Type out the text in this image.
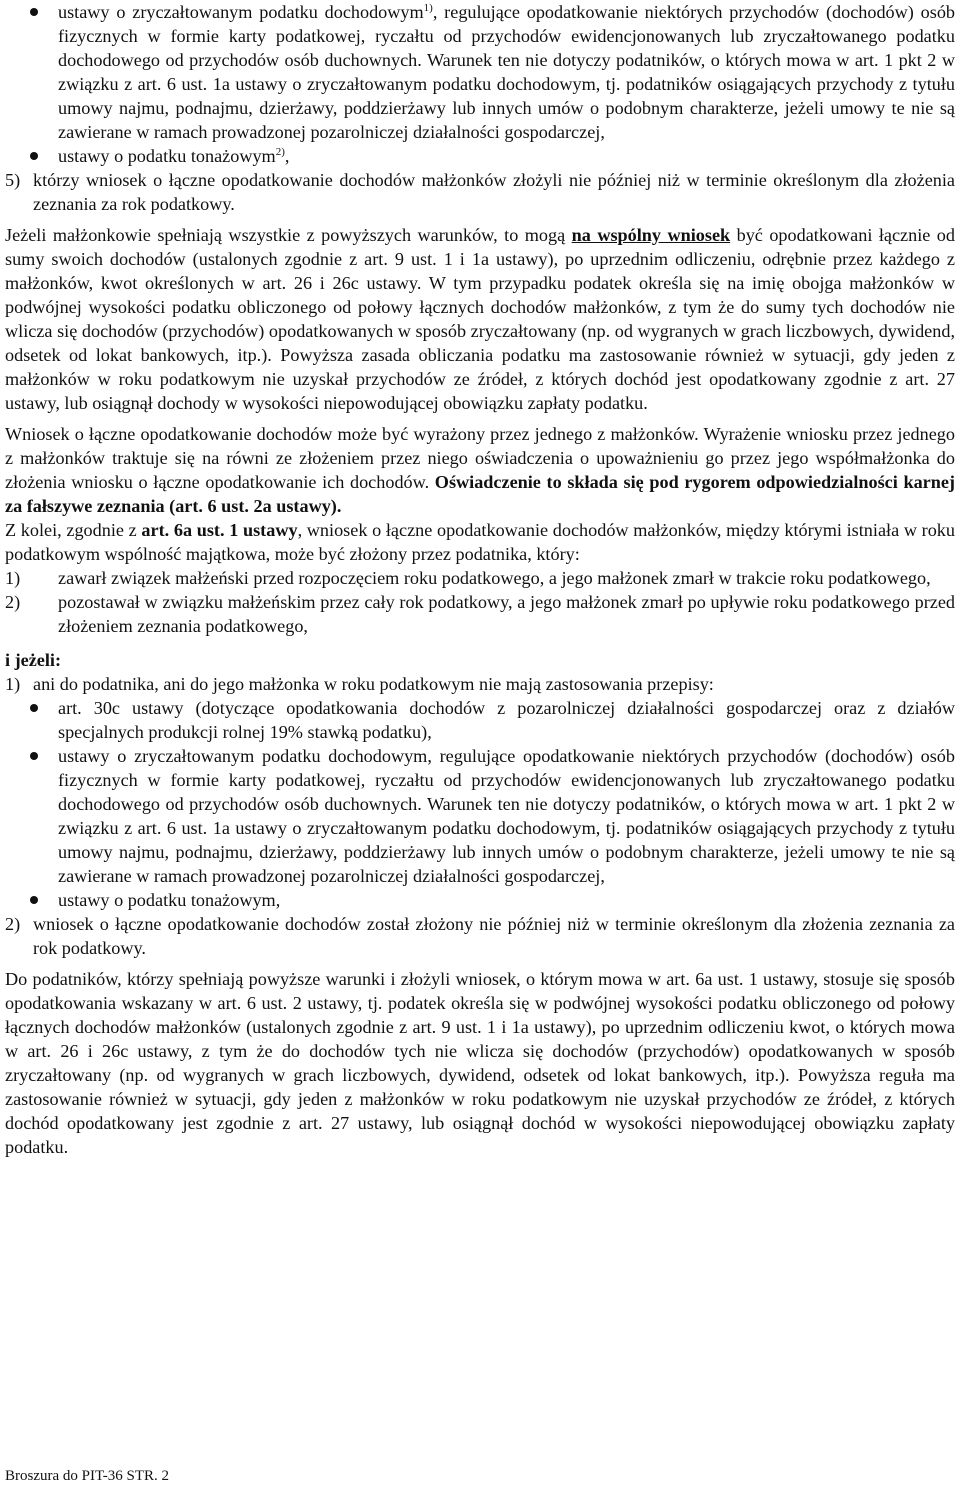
ustawy o zryczałtowanym podatku dochodowym$^{1)}$, regulujące opodatkowanie niektórych przychodów (dochodów) osób fizycznych w formie karty podatkowej, ryczałtu od przychodów ewidencjonowanych lub zryczałtowanego podatku dochodowego od przychodów osób duchownych. Warunek ten nie dotyczy podatników, o których mowa w art. 1 pkt 2 w związku z art. 6 ust. 1a ustawy o zryczałtowanym podatku dochodowym, tj. podatników osiągających przychody z tytułu umowy najmu, podnajmu, dzierżawy, poddzierżawy lub innych umów o podobnym charakterze, jeżeli umowy te nie są zawierane w ramach prowadzonej pozarolniczej działalności gospodarczej,
ustawy o podatku tonażowym$^{2)}$,
5) którzy wniosek o łączne opodatkowanie dochodów małżonków złożyli nie później niż w terminie określonym dla złożenia zeznania za rok podatkowy.

Jeżeli małżonkowie spełniają wszystkie z powyższych warunków, to mogą na wspólny wniosek być opodatkowani łącznie od sumy swoich dochodów (ustalonych zgodnie z art. 9 ust. 1 i 1a ustawy), po uprzednim odliczeniu, odrębnie przez każdego z małżonków, kwot określonych w art. 26 i 26c ustawy. W tym przypadku podatek określa się na imię obojga małżonków w podwójnej wysokości podatku obliczonego od połowy łącznych dochodów małżonków, z tym że do sumy tych dochodów nie wlicza się dochodów (przychodów) opodatkowanych w sposób zryczałtowany (np. od wygranych w grach liczbowych, dywidend, odsetek od lokat bankowych, itp.). Powyższa zasada obliczania podatku ma zastosowanie również w sytuacji, gdy jeden z małżonków w roku podatkowym nie uzyskał przychodów ze źródeł, z których dochód jest opodatkowany zgodnie z art. 27 ustawy, lub osiągnął dochody w wysokości niepowodującej obowiązku zapłaty podatku.

Wniosek o łączne opodatkowanie dochodów może być wyrażony przez jednego z małżonków. Wyrażenie wniosku przez jednego z małżonków traktuje się na równi ze złożeniem przez niego oświadczenia o upoważnieniu go przez jego współmałżonka do złożenia wniosku o łączne opodatkowanie ich dochodów. Oświadczenie to składa się pod rygorem odpowiedzialności karnej za fałszywe zeznania (art. 6 ust. 2a ustawy).

Z kolei, zgodnie z art. 6a ust. 1 ustawy, wniosek o łączne opodatkowanie dochodów małżonków, między którymi istniała w roku podatkowym wspólność majątkowa, może być złożony przez podatnika, który:

1) zawarł związek małżeński przed rozpoczęciem roku podatkowego, a jego małżonek zmarł w trakcie roku podatkowego,
2) pozostawał w związku małżeńskim przez cały rok podatkowy, a jego małżonek zmarł po upływie roku podatkowego przed złożeniem zeznania podatkowego,

i jeżeli:

1) ani do podatnika, ani do jego małżonka w roku podatkowym nie mają zastosowania przepisy:
art. 30c ustawy (dotyczące opodatkowania dochodów z pozarolniczej działalności gospodarczej oraz z działów specjalnych produkcji rolnej 19% stawką podatku),
ustawy o zryczałtowanym podatku dochodowym, regulujące opodatkowanie niektórych przychodów (dochodów) osób fizycznych w formie karty podatkowej, ryczałtu od przychodów ewidencjonowanych lub zryczałtowanego podatku dochodowego od przychodów osób duchownych. Warunek ten nie dotyczy podatników, o których mowa w art. 1 pkt 2 w związku z art. 6 ust. 1a ustawy o zryczałtowanym podatku dochodowym, tj. podatników osiągających przychody z tytułu umowy najmu, podnajmu, dzierżawy, poddzierżawy lub innych umów o podobnym charakterze, jeżeli umowy te nie są zawierane w ramach prowadzonej pozarolniczej działalności gospodarczej,
ustawy o podatku tonażowym,
2) wniosek o łączne opodatkowanie dochodów został złożony nie później niż w terminie określonym dla złożenia zeznania za rok podatkowy.

Do podatników, którzy spełniają powyższe warunki i złożyli wniosek, o którym mowa w art. 6a ust. 1 ustawy, stosuje się sposób opodatkowania wskazany w art. 6 ust. 2 ustawy, tj. podatek określa się w podwójnej wysokości podatku obliczonego od połowy łącznych dochodów małżonków (ustalonych zgodnie z art. 9 ust. 1 i 1a ustawy), po uprzednim odliczeniu kwot, o których mowa w art. 26 i 26c ustawy, z tym że do dochodów tych nie wlicza się dochodów (przychodów) opodatkowanych w sposób zryczałtowany (np. od wygranych w grach liczbowych, dywidend, odsetek od lokat bankowych, itp.). Powyższa reguła ma zastosowanie również w sytuacji, gdy jeden z małżonków w roku podatkowym nie uzyskał przychodów ze źródeł, z których dochód opodatkowany jest zgodnie z art. 27 ustawy, lub osiągnął dochód w wysokości niepowodującej obowiązku zapłaty podatku.

Broszura do PIT-36 STR. 2
